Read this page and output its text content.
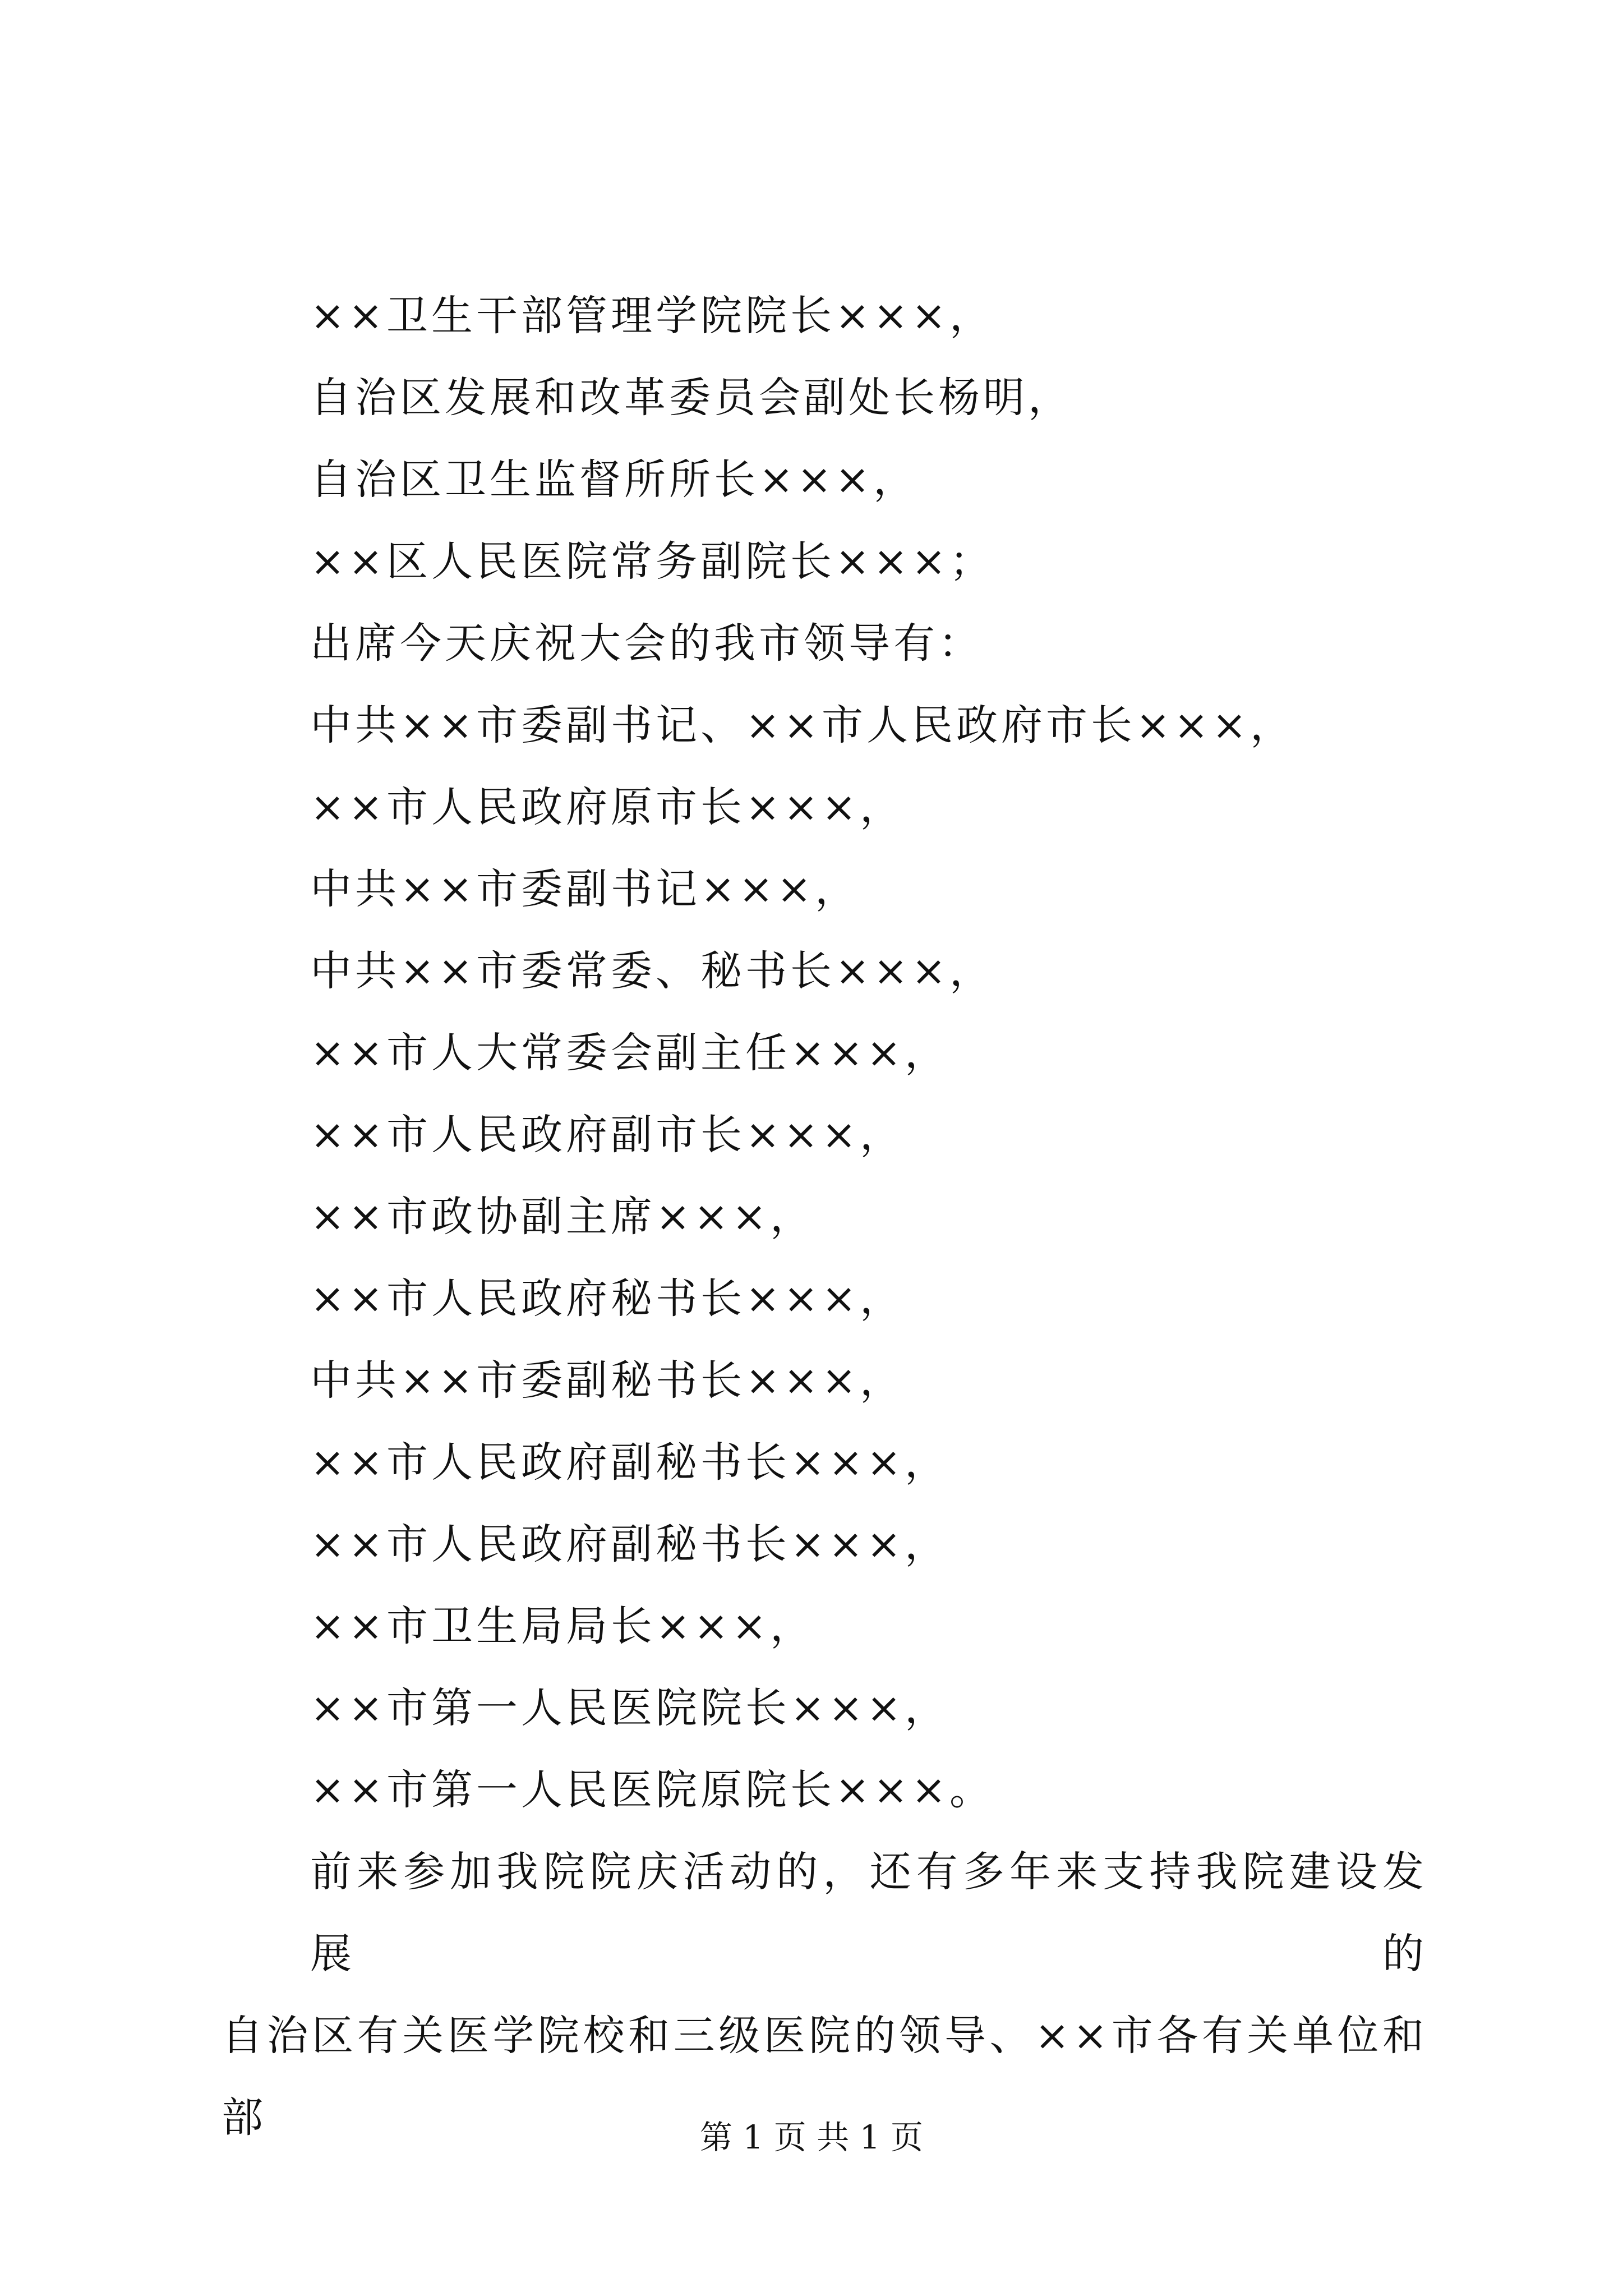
××卫生干部管理学院院长×××，
自治区发展和改革委员会副处长杨明，
自治区卫生监督所所长×××，
××区人民医院常务副院长×××；
出席今天庆祝大会的我市领导有：
中共××市委副书记、××市人民政府市长×××，
××市人民政府原市长×××，
中共××市委副书记×××，
中共××市委常委、秘书长×××，
××市人大常委会副主任×××，
××市人民政府副市长×××，
××市政协副主席×××，
××市人民政府秘书长×××，
中共××市委副秘书长×××，
××市人民政府副秘书长×××，
××市人民政府副秘书长×××，
××市卫生局局长×××，
××市第一人民医院院长×××，
××市第一人民医院原院长×××。
前来参加我院院庆活动的，还有多年来支持我院建设发展的
自治区有关医学院校和三级医院的领导、××市各有关单位和部	第 1 页 共 1 页
